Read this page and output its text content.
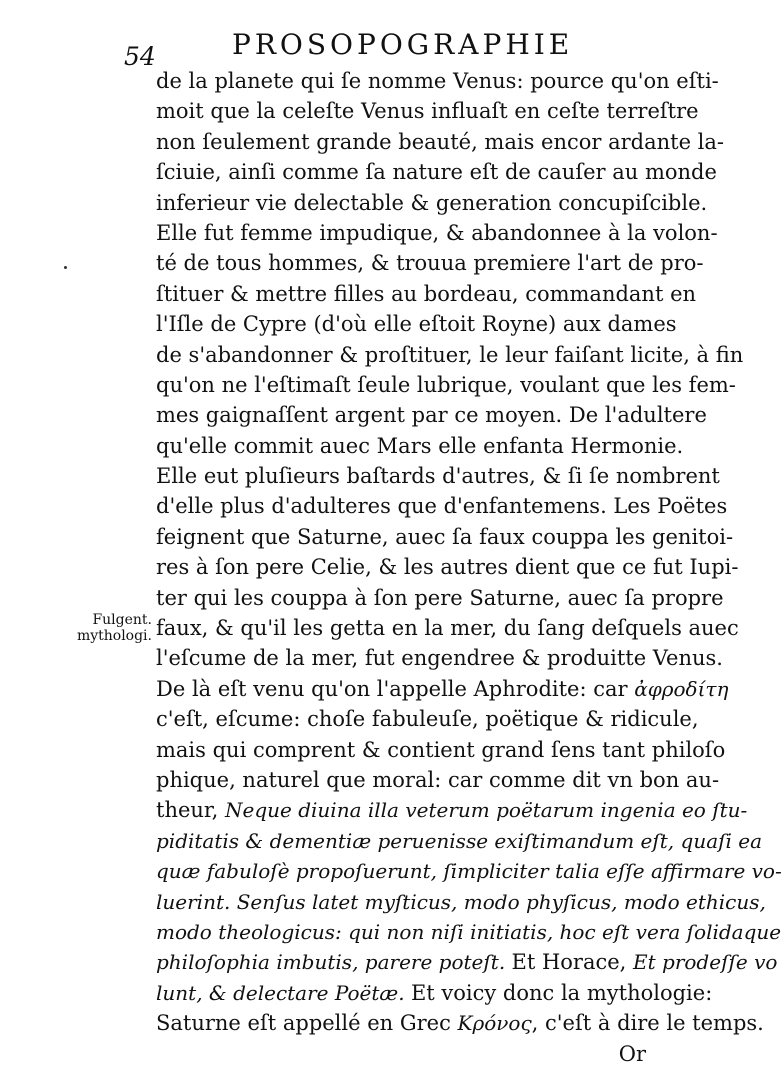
54	PROSOPOGRAPHIE
Fulgent.
mythologi.
de la planete qui ſe nomme Venus: pource qu'on eſti-
moit que la celeſte Venus influaſt en ceſte terreſtre
non ſeulement grande beauté, mais encor ardante la-
ſciuie, ainſi comme ſa nature eſt de cauſer au monde
inferieur vie delectable & generation concupiſcible.
Elle fut femme impudique, & abandonnee à la volon-
té de tous hommes, & trouua premiere l'art de pro-
ſtituer & mettre filles au bordeau, commandant en
l'Iſle de Cypre (d'où elle eſtoit Royne) aux dames
de s'abandonner & proſtituer, le leur faiſant licite, à fin
qu'on ne l'eſtimaſt ſeule lubrique, voulant que les fem-
mes gaignaſſent argent par ce moyen. De l'adultere
qu'elle commit auec Mars elle enfanta Hermonie.
Elle eut pluſieurs baſtards d'autres, & ſi ſe nombrent
d'elle plus d'adulteres que d'enfantemens. Les Poëtes
feignent que Saturne, auec ſa faux couppa les genitoi-
res à ſon pere Celie, & les autres dient que ce fut Iupi-
ter qui les couppa à ſon pere Saturne, auec ſa propre
faux, & qu'il les getta en la mer, du ſang deſquels auec
l'eſcume de la mer, fut engendree & produitte Venus.
De là eſt venu qu'on l'appelle Aphrodite: car ἀφροδίτη
c'eſt, eſcume: choſe fabuleuſe, poëtique & ridicule,
mais qui comprent & contient grand ſens tant philoſo
phique, naturel que moral: car comme dit vn bon au-
theur, Neque diuina illa veterum poëtarum ingenia eo ſtu-
piditatis & dementiæ peruenisse exiſtimandum eſt, quaſi ea
quæ fabuloſè propoſuerunt, ſimpliciter talia eſſe affirmare vo-
luerint. Senſus latet myſticus, modo phyſicus, modo ethicus,
modo theologicus: qui non niſi initiatis, hoc eſt vera ſolidaque
philoſophia imbutis, parere poteſt. Et Horace, Et prodeſſe vo
lunt, & delectare Poëtæ. Et voicy donc la mythologie:
Saturne eſt appellé en Grec Κρόνος, c'eſt à dire le temps.
Or
